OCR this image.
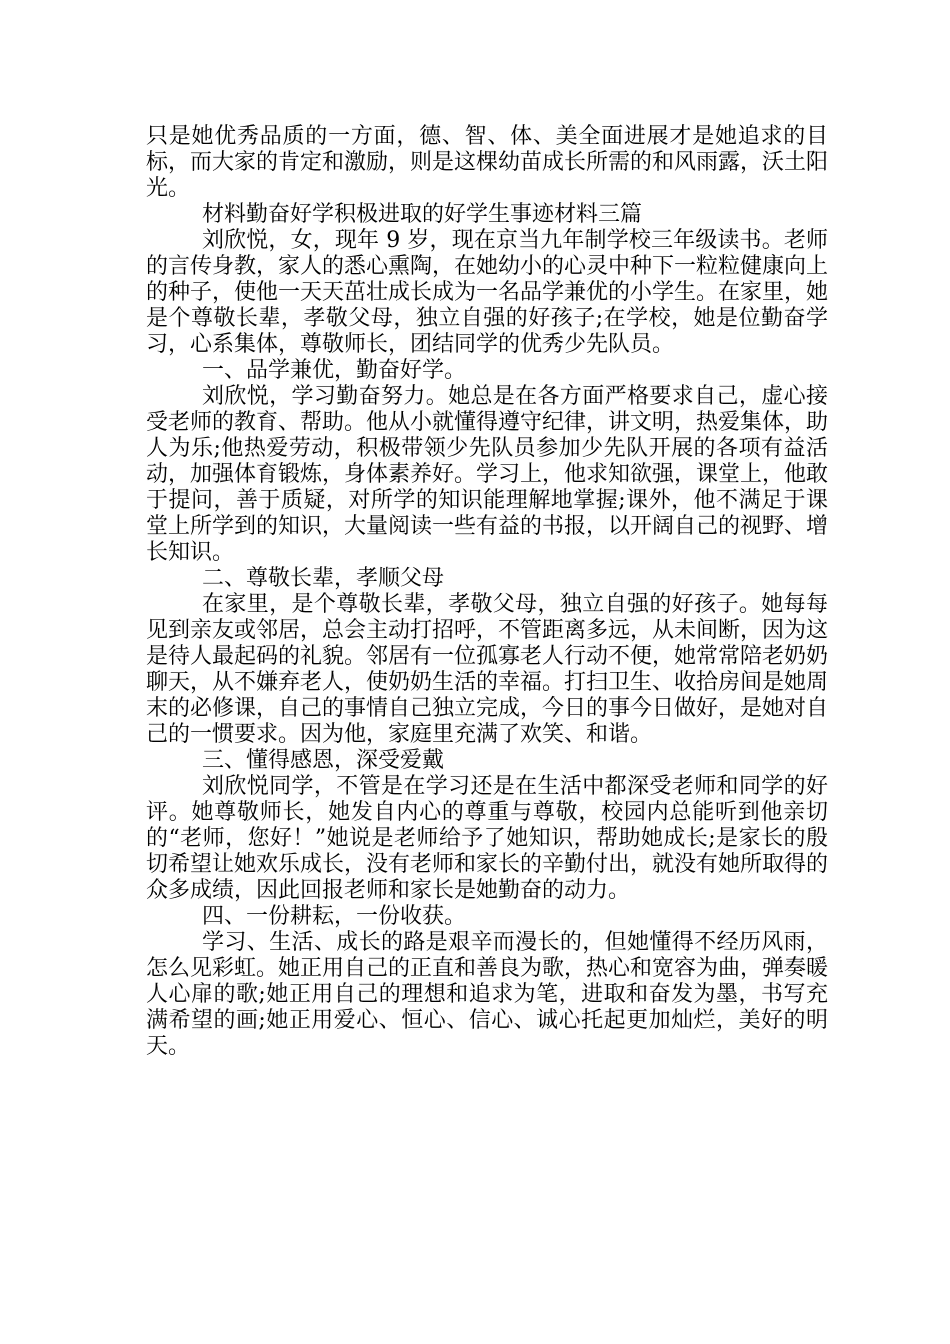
只是她优秀品质的一方面，德、智、体、美全面进展才是她追求的目标，而大家的肯定和激励，则是这棵幼苗成长所需的和风雨露，沃土阳光。

材料勤奋好学积极进取的好学生事迹材料三篇

刘欣悦，女，现年 9 岁，现在京当九年制学校三年级读书。老师的言传身教，家人的悉心熏陶，在她幼小的心灵中种下一粒粒健康向上的种子，使他一天天茁壮成长成为一名品学兼优的小学生。在家里，她是个尊敬长辈，孝敬父母，独立自强的好孩子;在学校，她是位勤奋学习，心系集体，尊敬师长，团结同学的优秀少先队员。

一、品学兼优，勤奋好学。

刘欣悦，学习勤奋努力。她总是在各方面严格要求自己，虚心接受老师的教育、帮助。他从小就懂得遵守纪律，讲文明，热爱集体，助人为乐;他热爱劳动，积极带领少先队员参加少先队开展的各项有益活动，加强体育锻炼，身体素养好。学习上，他求知欲强，课堂上，他敢于提问，善于质疑，对所学的知识能理解地掌握;课外，他不满足于课堂上所学到的知识，大量阅读一些有益的书报，以开阔自己的视野、增长知识。

二、尊敬长辈，孝顺父母

在家里，是个尊敬长辈，孝敬父母，独立自强的好孩子。她每每见到亲友或邻居，总会主动打招呼，不管距离多远，从未间断，因为这是待人最起码的礼貌。邻居有一位孤寡老人行动不便，她常常陪老奶奶聊天，从不嫌弃老人，使奶奶生活的幸福。打扫卫生、收拾房间是她周末的必修课，自己的事情自己独立完成，今日的事今日做好，是她对自己的一惯要求。因为他，家庭里充满了欢笑、和谐。

三、懂得感恩，深受爱戴

刘欣悦同学，不管是在学习还是在生活中都深受老师和同学的好评。她尊敬师长，她发自内心的尊重与尊敬，校园内总能听到他亲切的“老师，您好！”她说是老师给予了她知识，帮助她成长;是家长的殷切希望让她欢乐成长，没有老师和家长的辛勤付出，就没有她所取得的众多成绩，因此回报老师和家长是她勤奋的动力。

四、一份耕耘，一份收获。

学习、生活、成长的路是艰辛而漫长的，但她懂得不经历风雨，怎么见彩虹。她正用自己的正直和善良为歌，热心和宽容为曲，弹奏暖人心扉的歌;她正用自己的理想和追求为笔，进取和奋发为墨，书写充满希望的画;她正用爱心、恒心、信心、诚心托起更加灿烂，美好的明天。
